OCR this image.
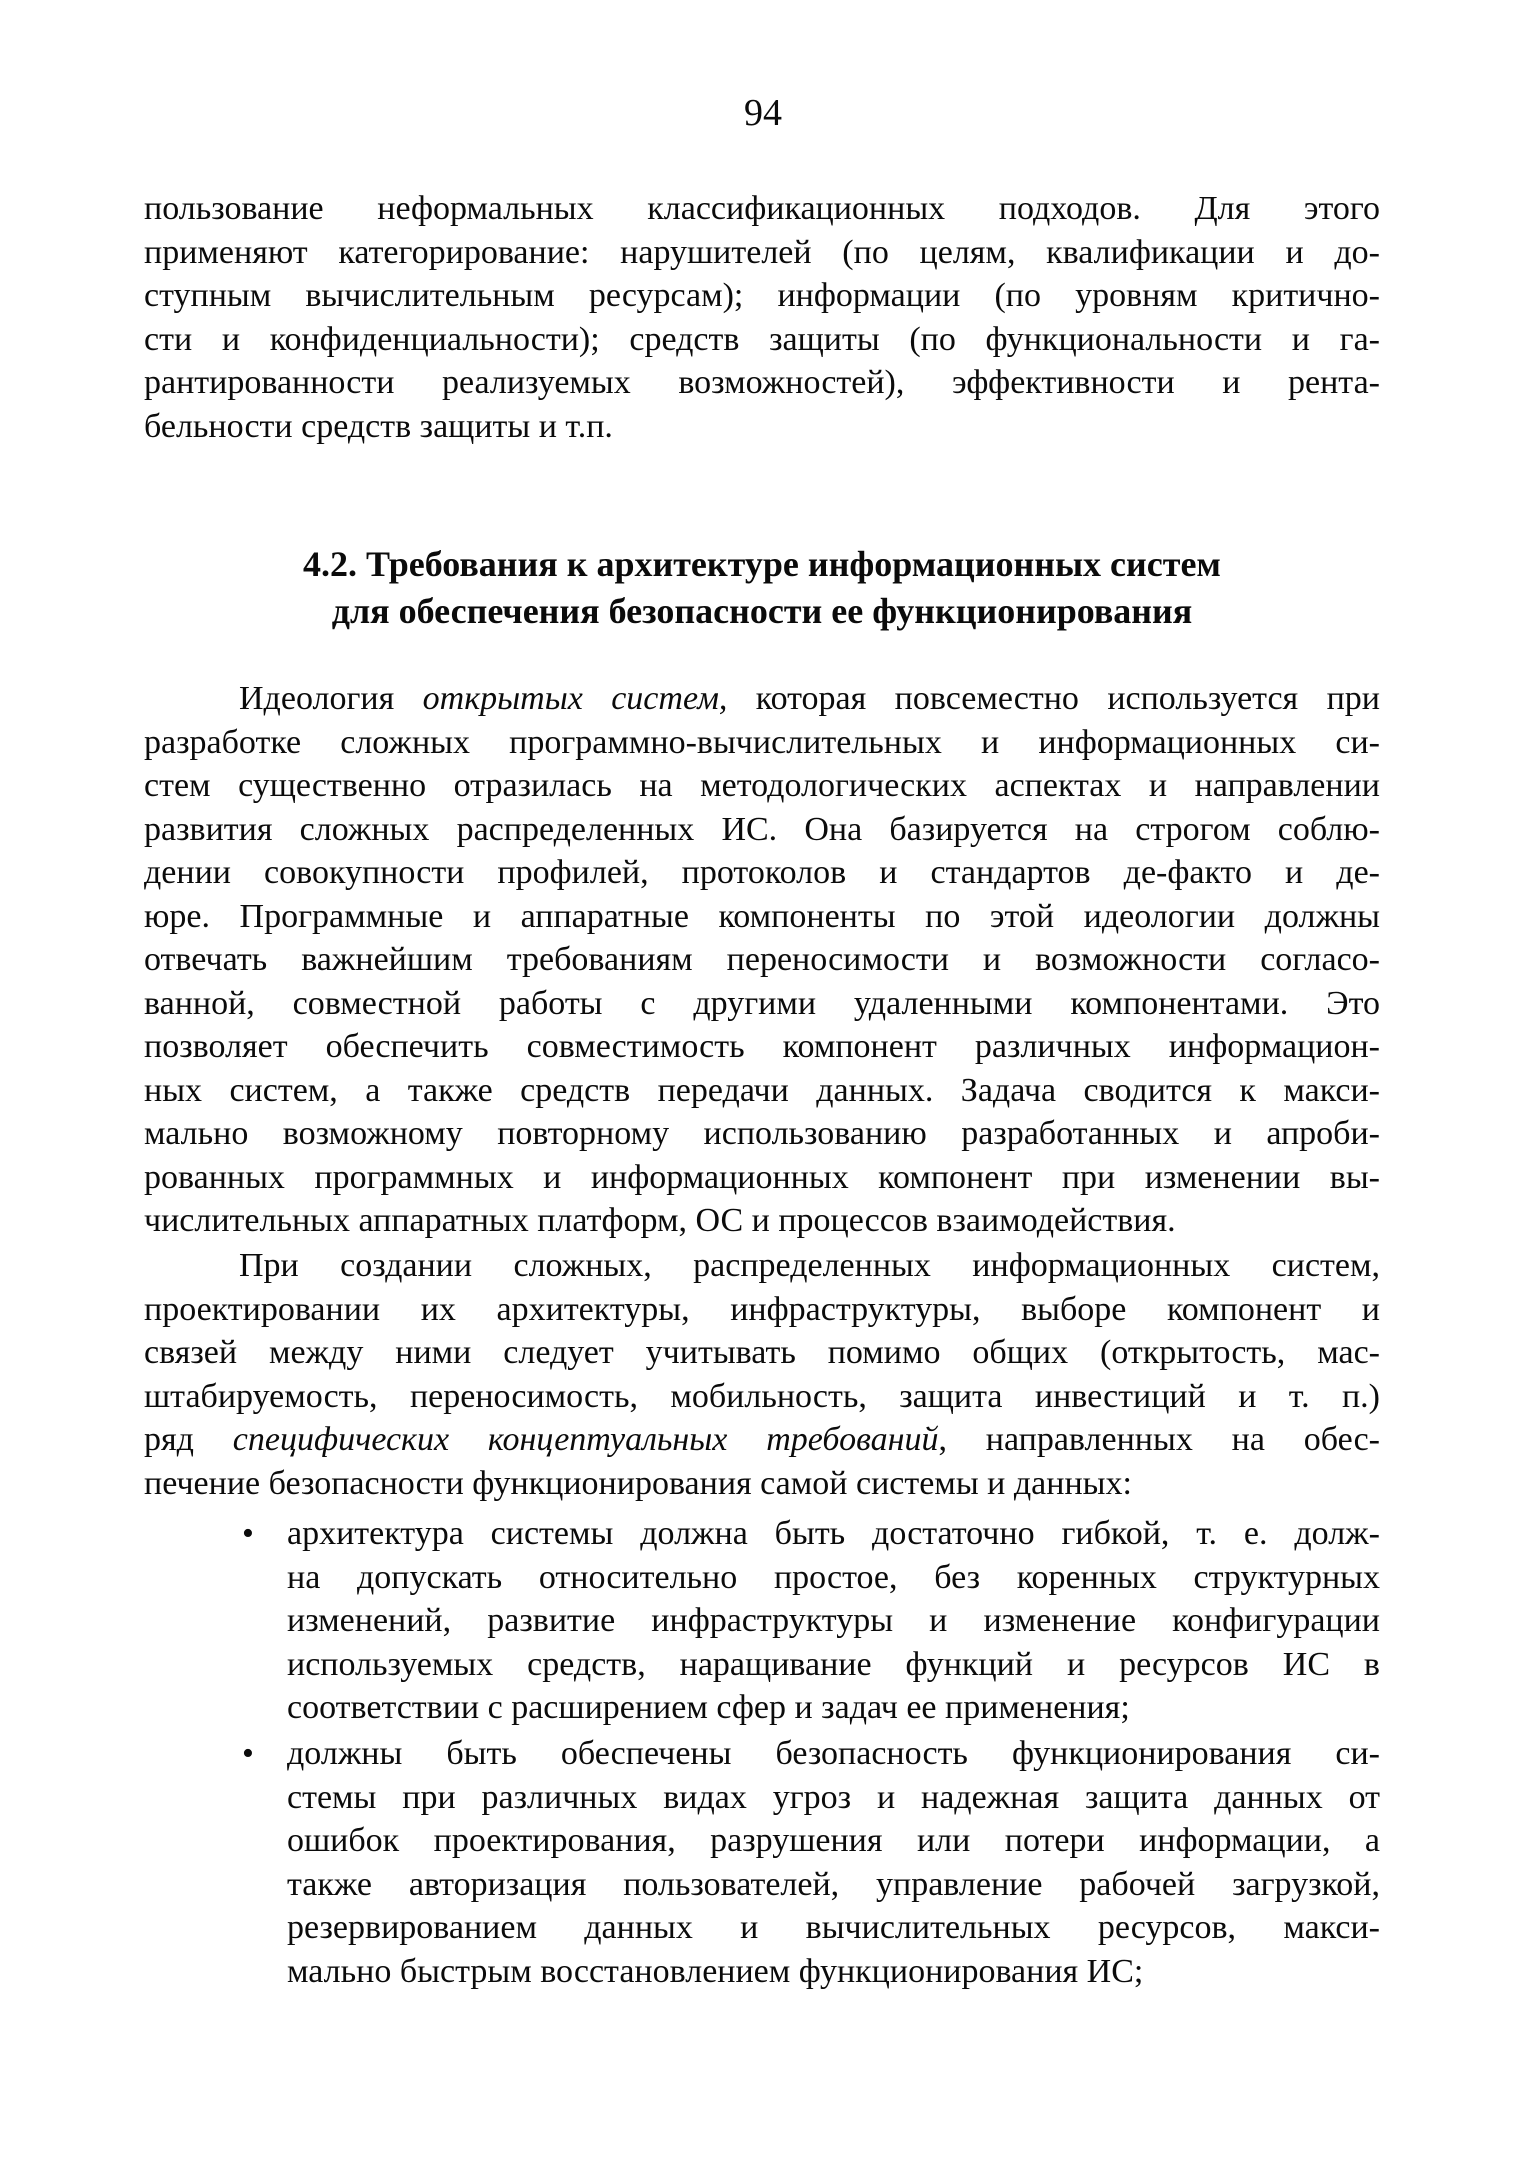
94
пользование неформальных классификационных подходов. Для этого
применяют категорирование: нарушителей (по целям, квалификации и до-
ступным вычислительным ресурсам); информации (по уровням критично-
сти и конфиденциальности); средств защиты (по функциональности и га-
рантированности реализуемых возможностей), эффективности и рента-
бельности средств защиты и т.п.
4.2. Требования к архитектуре информационных систем
для обеспечения безопасности ее функционирования
Идеология открытых систем, которая повсеместно используется при
разработке сложных программно-вычислительных и информационных си-
стем существенно отразилась на методологических аспектах и направлении
развития сложных распределенных ИС. Она базируется на строгом соблю-
дении совокупности профилей, протоколов и стандартов де-факто и де-
юре. Программные и аппаратные компоненты по этой идеологии должны
отвечать важнейшим требованиям переносимости и возможности согласо-
ванной, совместной работы с другими удаленными компонентами. Это
позволяет обеспечить совместимость компонент различных информацион-
ных систем, а также средств передачи данных. Задача сводится к макси-
мально возможному повторному использованию разработанных и апроби-
рованных программных и информационных компонент при изменении вы-
числительных аппаратных платформ, ОС и процессов взаимодействия.
При создании сложных, распределенных информационных систем,
проектировании их архитектуры, инфраструктуры, выборе компонент и
связей между ними следует учитывать помимо общих (открытость, мас-
штабируемость, переносимость, мобильность, защита инвестиций и т. п.)
ряд специфических концептуальных требований, направленных на обес-
печение безопасности функционирования самой системы и данных:
• архитектура системы должна быть достаточно гибкой, т. е. долж-
на допускать относительно простое, без коренных структурных
изменений, развитие инфраструктуры и изменение конфигурации
используемых средств, наращивание функций и ресурсов ИС в
соответствии с расширением сфер и задач ее применения;
• должны быть обеспечены безопасность функционирования си-
стемы при различных видах угроз и надежная защита данных от
ошибок проектирования, разрушения или потери информации, а
также авторизация пользователей, управление рабочей загрузкой,
резервированием данных и вычислительных ресурсов, макси-
мально быстрым восстановлением функционирования ИС;
